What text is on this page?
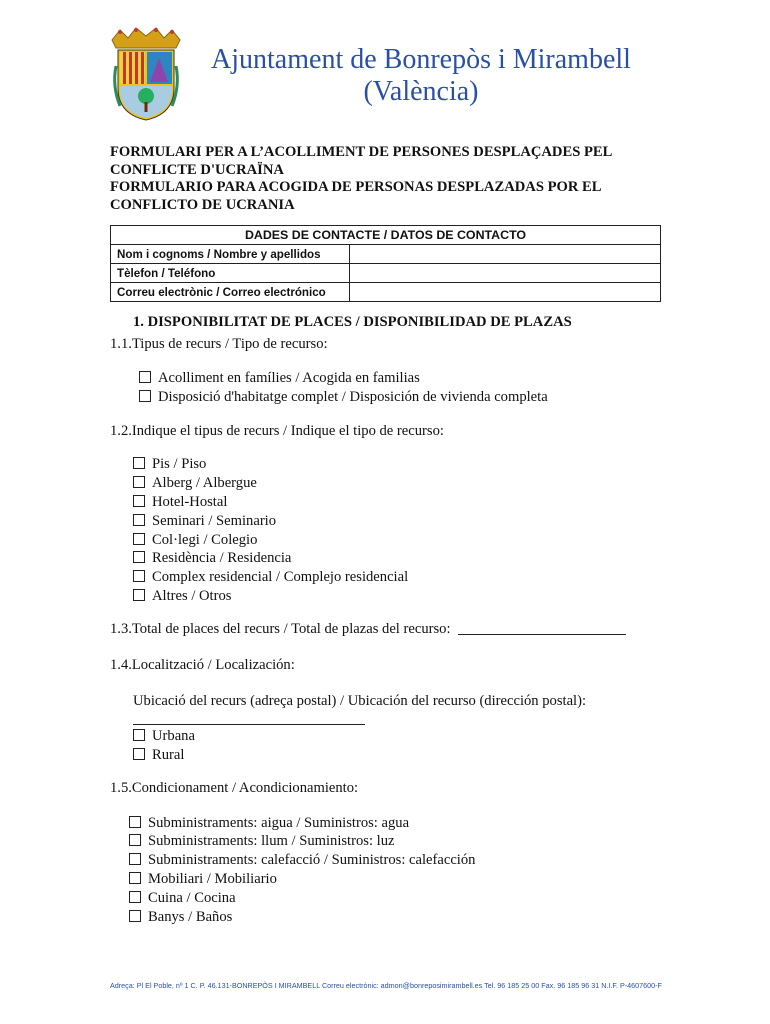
Ajuntament de Bonrepòs i Mirambell
(València)
FORMULARI PER A L’ACOLLIMENT DE PERSONES DESPLAÇADES PEL
CONFLICTE D'UCRAÏNA
FORMULARIO PARA ACOGIDA DE PERSONAS DESPLAZADAS POR EL
CONFLICTO DE UCRANIA
DADES DE CONTACTE / DATOS DE CONTACTO	
Nom i cognoms / Nombre y apellidos	
Tèlefon / Teléfono	
Correu electrònic / Correo electrónico	
1. DISPONIBILITAT DE PLACES / DISPONIBILIDAD DE PLAZAS
1.1.Tipus de recurs / Tipo de recurso:
Acolliment en famílies / Acogida en familias
Disposició d'habitatge complet / Disposición de vivienda completa
1.2.Indique el tipus de recurs / Indique el tipo de recurso:
Pis / Piso
Alberg / Albergue
Hotel-Hostal
Seminari / Seminario
Col·legi / Colegio
Residència / Residencia
Complex residencial / Complejo residencial
Altres / Otros
1.3.Total de places del recurs / Total de plazas del recurso:
1.4.Localització / Localización:
Ubicació del recurs (adreça postal) / Ubicación del recurso (dirección postal):
Urbana
Rural
1.5.Condicionament / Acondicionamiento:
Subministraments: aigua / Suministros: agua
Subministraments: llum / Suministros: luz
Subministraments: calefacció / Suministros: calefacción
Mobiliari / Mobiliario
Cuina / Cocina
Banys / Baños
Adreça: Pl El Poble, nº 1 C. P. 46.131-BONREPÒS I MIRAMBELL Correu electrònic: admon@bonreposimirambell.es Tel. 96 185 25 00 Fax. 96 185 96 31 N.I.F. P-4607600-F
